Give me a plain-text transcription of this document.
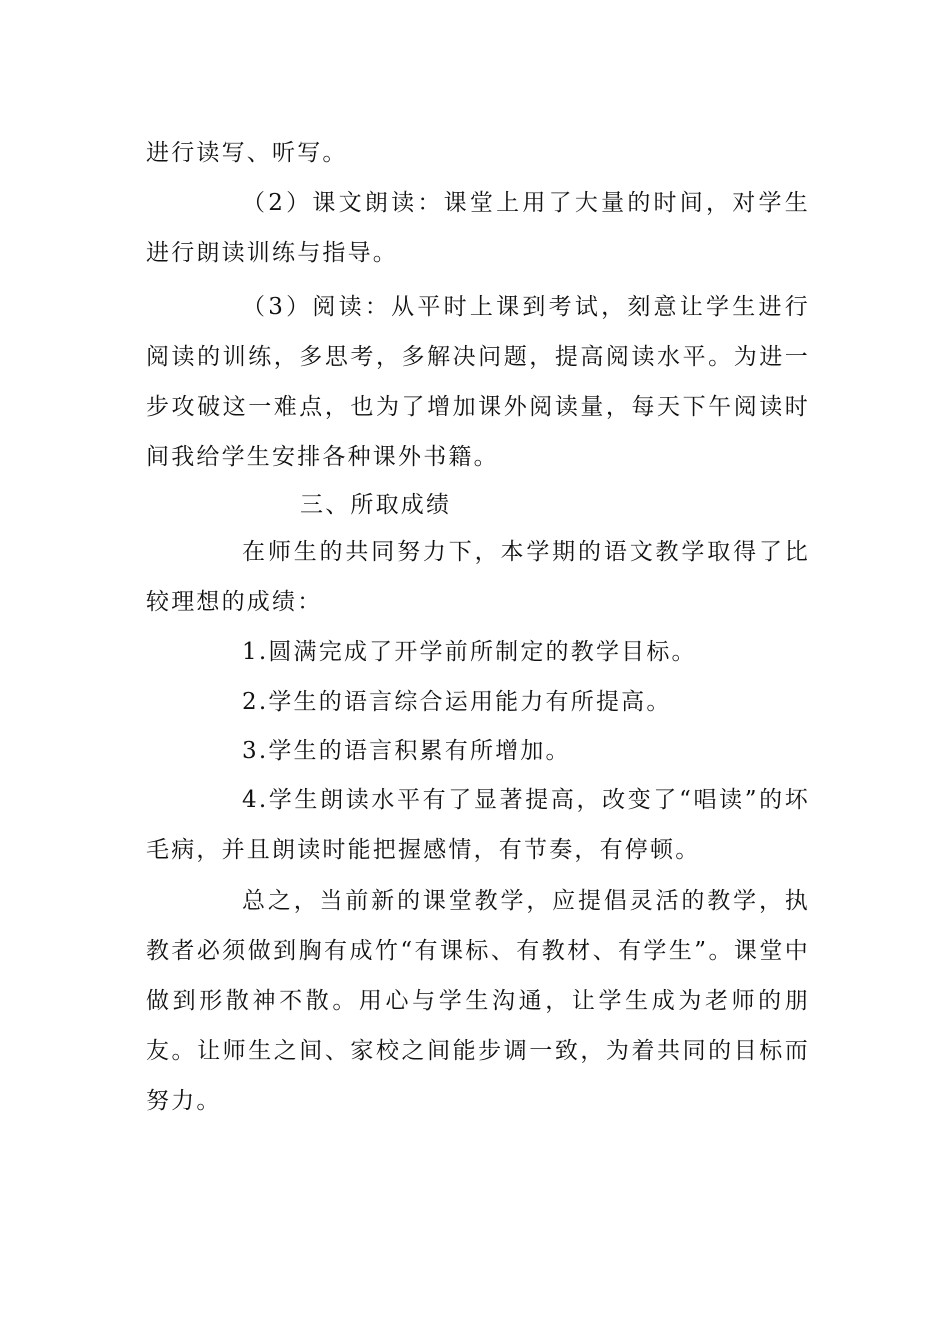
进行读写、听写。

（2）课文朗读：课堂上用了大量的时间，对学生进行朗读训练与指导。

（3）阅读：从平时上课到考试，刻意让学生进行阅读的训练，多思考，多解决问题，提高阅读水平。为进一步攻破这一难点，也为了增加课外阅读量，每天下午阅读时间我给学生安排各种课外书籍。

三、所取成绩

在师生的共同努力下，本学期的语文教学取得了比较理想的成绩：

1.圆满完成了开学前所制定的教学目标。

2.学生的语言综合运用能力有所提高。

3.学生的语言积累有所增加。

4.学生朗读水平有了显著提高，改变了“唱读”的坏毛病，并且朗读时能把握感情，有节奏，有停顿。

总之，当前新的课堂教学，应提倡灵活的教学，执教者必须做到胸有成竹“有课标、有教材、有学生”。课堂中做到形散神不散。用心与学生沟通，让学生成为老师的朋友。让师生之间、家校之间能步调一致，为着共同的目标而努力。
